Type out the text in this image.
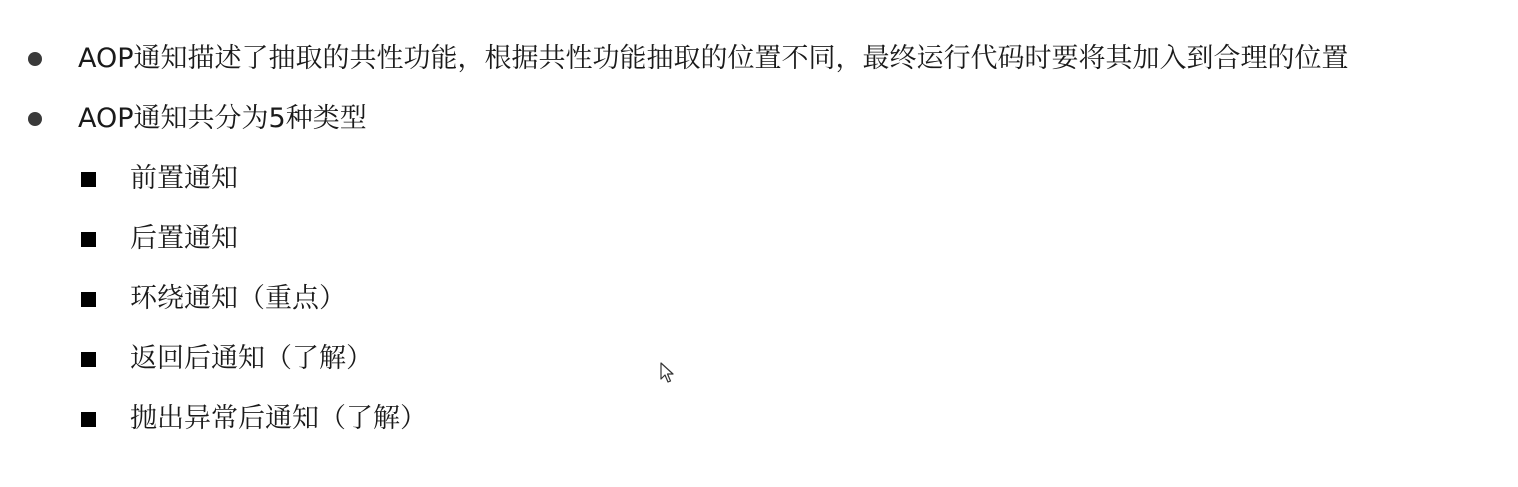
AOP通知描述了抽取的共性功能，根据共性功能抽取的位置不同，最终运行代码时要将其加入到合理的位置
AOP通知共分为5种类型
前置通知
后置通知
环绕通知（重点）
返回后通知（了解）
抛出异常后通知（了解）
